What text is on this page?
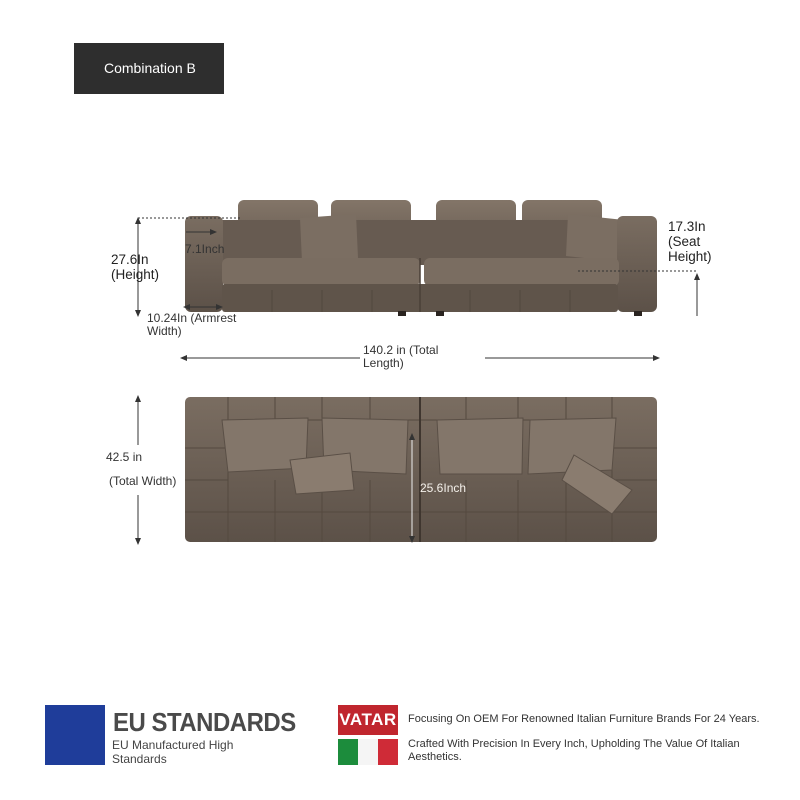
Combination B
27.6In (Height)
7.1Inch
10.24In (Armrest Width)
17.3In (Seat Height)
140.2 in (Total Length)
42.5 in
(Total Width)	25.6Inch
EU STANDARDS
EU Manufactured High Standards
VATAR Focusing On OEM For Renowned Italian Furniture Brands For 24 Years.
Crafted With Precision In Every Inch, Upholding The Value Of Italian Aesthetics.
